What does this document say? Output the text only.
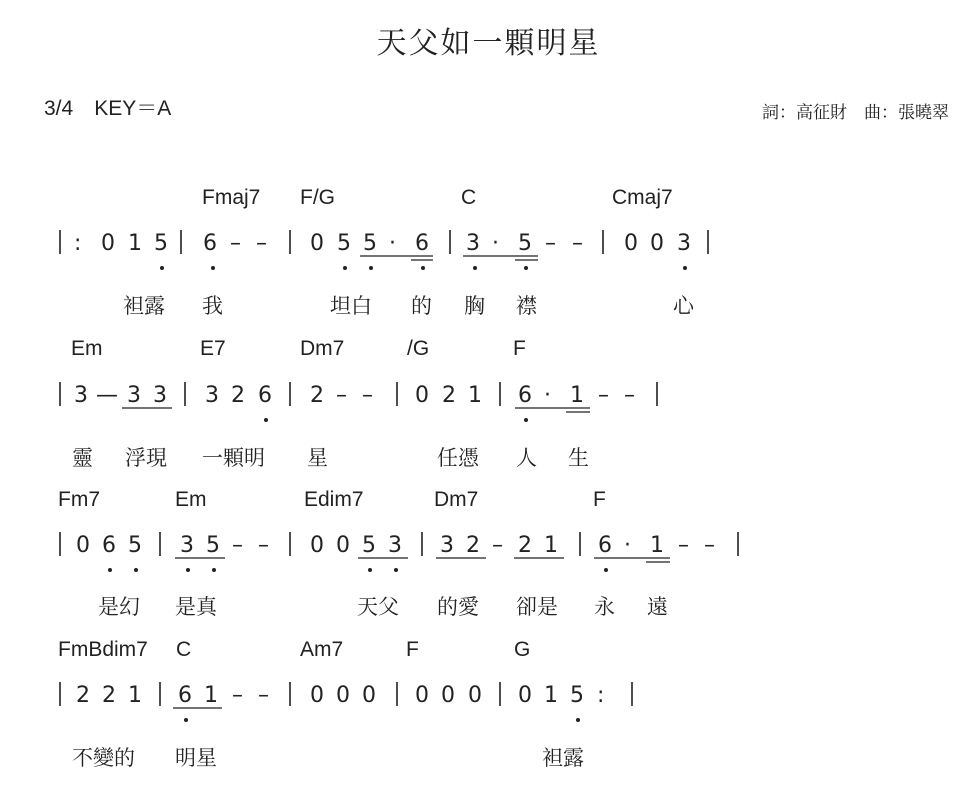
天父如一顆明星
3/4　KEY＝A	詞：高征財　曲：張曉翠
Fmaj7 F/G	C	Cmaj7
袒露 我	坦白 的 胸 襟	心
Em	E7	Dm7	/G	F
靈 浮現 一顆明 星	任憑 人 生
Fm7	Em	Edim7	Dm7	F
是幻 是真	天父 的愛 卻是 永 遠
FmBdim7 C	Am7	F	G
不變的 明星	袒露
: 0 1 5 6 – – 0 5 5 · 6 3 · 5 – – 0 0 3
3 — 3 3 3 2 6 2 – – 0 2 1 6 · 1 – –
0 6 5 3 5 – – 0 0 5 3 3 2 – 2 1 6 · 1 – –
2 2 1 6 1 – – 0 0 0 0 0 0 0 1 5 :
